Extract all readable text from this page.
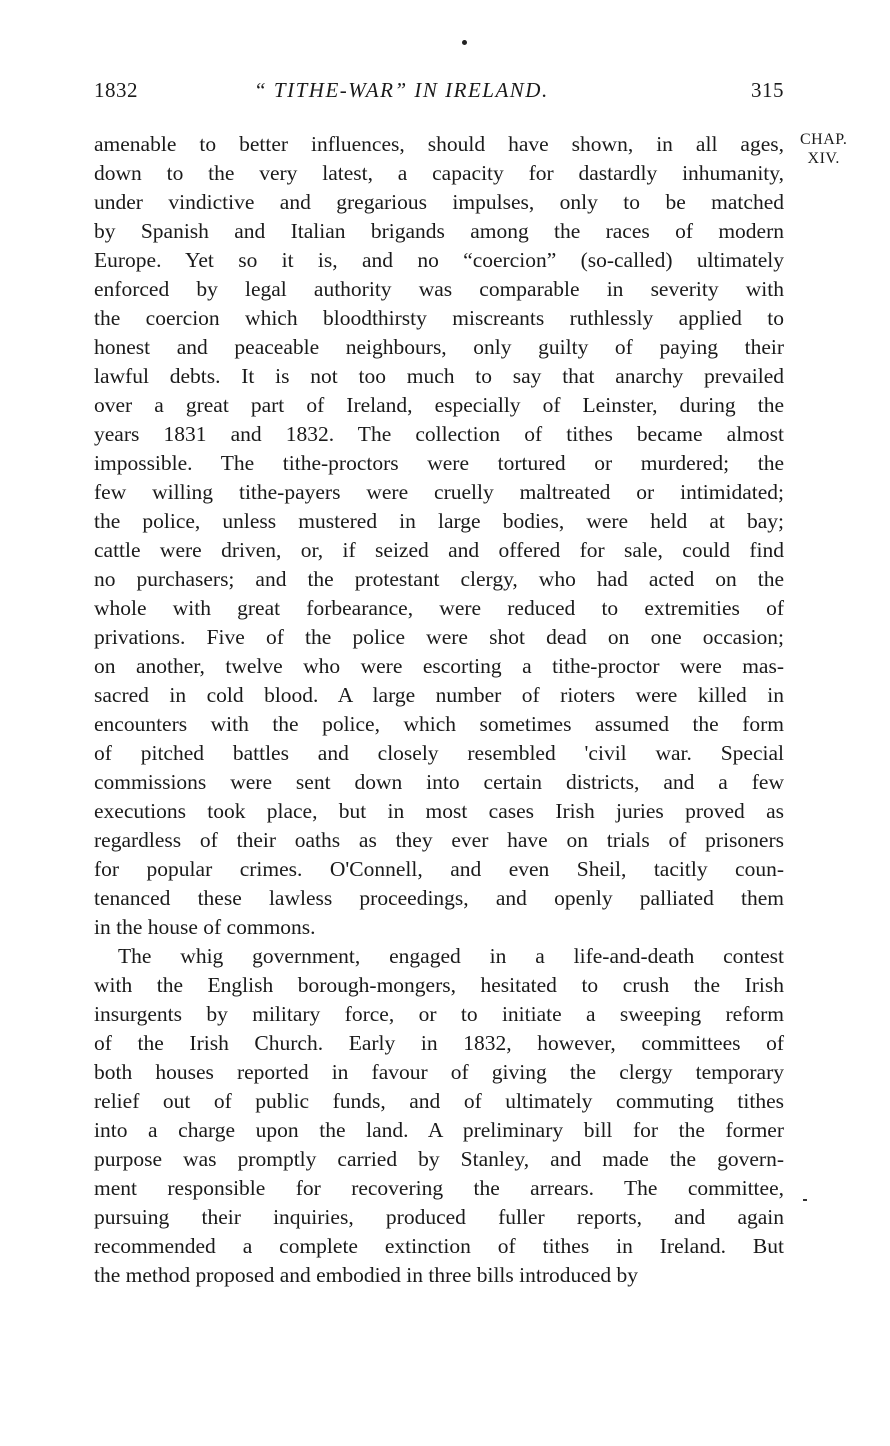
1832	“ TITHE-WAR” IN IRELAND.	315
CHAP.
XIV.

amenable to better influences, should have shown, in all ages,
down to the very latest, a capacity for dastardly inhumanity,
under vindictive and gregarious impulses, only to be matched
by Spanish and Italian brigands among the races of modern
Europe. Yet so it is, and no “coercion” (so-called) ultimately
enforced by legal authority was comparable in severity with
the coercion which bloodthirsty miscreants ruthlessly applied to
honest and peaceable neighbours, only guilty of paying their
lawful debts. It is not too much to say that anarchy prevailed
over a great part of Ireland, especially of Leinster, during the
years 1831 and 1832. The collection of tithes became almost
impossible. The tithe-proctors were tortured or murdered; the
few willing tithe-payers were cruelly maltreated or intimidated;
the police, unless mustered in large bodies, were held at bay;
cattle were driven, or, if seized and offered for sale, could find
no purchasers; and the protestant clergy, who had acted on the
whole with great forbearance, were reduced to extremities of
privations. Five of the police were shot dead on one occasion;
on another, twelve who were escorting a tithe-proctor were mas-
sacred in cold blood. A large number of rioters were killed in
encounters with the police, which sometimes assumed the form
of pitched battles and closely resembled 'civil war. Special
commissions were sent down into certain districts, and a few
executions took place, but in most cases Irish juries proved as
regardless of their oaths as they ever have on trials of prisoners
for popular crimes. O'Connell, and even Sheil, tacitly coun-
tenanced these lawless proceedings, and openly palliated them
in the house of commons.

The whig government, engaged in a life-and-death contest
with the English borough-mongers, hesitated to crush the Irish
insurgents by military force, or to initiate a sweeping reform
of the Irish Church. Early in 1832, however, committees of
both houses reported in favour of giving the clergy temporary
relief out of public funds, and of ultimately commuting tithes
into a charge upon the land. A preliminary bill for the former
purpose was promptly carried by Stanley, and made the govern-
ment responsible for recovering the arrears. The committee,
pursuing their inquiries, produced fuller reports, and again
recommended a complete extinction of tithes in Ireland. But
the method proposed and embodied in three bills introduced by
